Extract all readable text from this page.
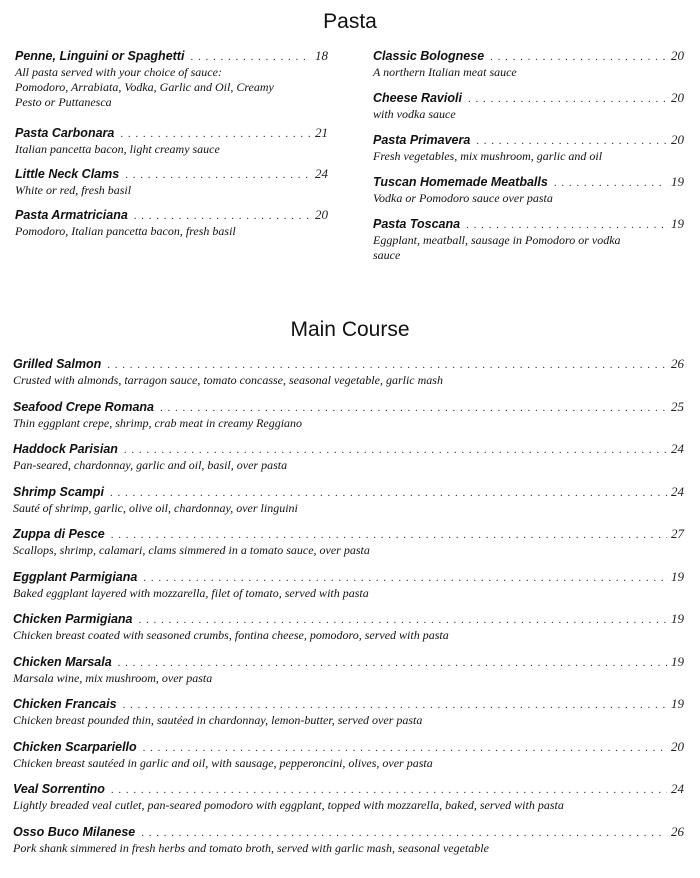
Pasta
Penne, Linguini or Spaghetti . . .	18
All pasta served with your choice of sauce: Pomodoro, Arrabiata, Vodka, Garlic and Oil, Creamy Pesto or Puttanesca
Pasta Carbonara . . .	21
Italian pancetta bacon, light creamy sauce
Little Neck Clams . . .	24
White or red, fresh basil
Pasta Armatriciana . . .	20
Pomodoro, Italian pancetta bacon, fresh basil
Classic Bolognese . . .	20
A northern Italian meat sauce
Cheese Ravioli . . .	20
with vodka sauce
Pasta Primavera . . .	20
Fresh vegetables, mix mushroom, garlic and oil
Tuscan Homemade Meatballs . . .	19
Vodka or Pomodoro sauce over pasta
Pasta Toscana . . .	19
Eggplant, meatball, sausage in Pomodoro or vodka sauce
Main Course
Grilled Salmon . . .	26
Crusted with almonds, tarragon sauce, tomato concasse, seasonal vegetable, garlic mash
Seafood Crepe Romana . . .	25
Thin eggplant crepe, shrimp, crab meat in creamy Reggiano
Haddock Parisian . . .	24
Pan-seared, chardonnay, garlic and oil, basil, over pasta
Shrimp Scampi . . .	24
Sauté of shrimp, garlic, olive oil, chardonnay, over linguini
Zuppa di Pesce . . .	27
Scallops, shrimp, calamari, clams simmered in a tomato sauce, over pasta
Eggplant Parmigiana . . .	19
Baked eggplant layered with mozzarella, filet of tomato, served with pasta
Chicken Parmigiana . . .	19
Chicken breast coated with seasoned crumbs, fontina cheese, pomodoro, served with pasta
Chicken Marsala . . .	19
Marsala wine, mix mushroom, over pasta
Chicken Francais . . .	19
Chicken breast pounded thin, sautéed in chardonnay, lemon-butter, served over pasta
Chicken Scarpariello . . .	20
Chicken breast sautéed in garlic and oil, with sausage, pepperoncini, olives, over pasta
Veal Sorrentino . . .	24
Lightly breaded veal cutlet, pan-seared pomodoro with eggplant, topped with mozzarella, baked, served with pasta
Osso Buco Milanese . . .	26
Pork shank simmered in fresh herbs and tomato broth, served with garlic mash, seasonal vegetable
